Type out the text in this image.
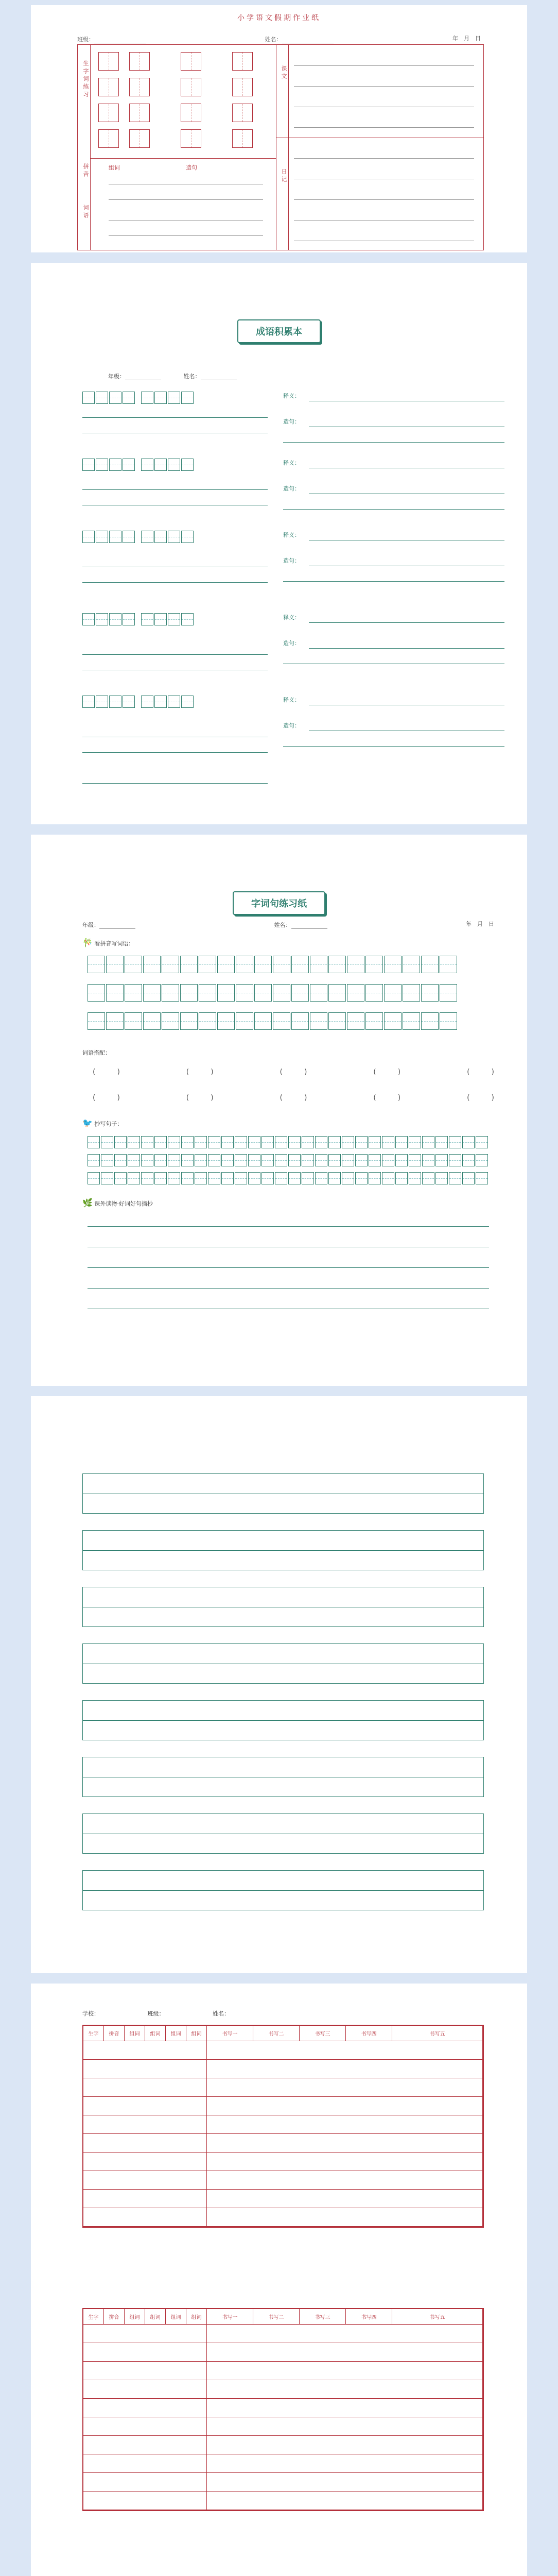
小学语文假期作业纸
班级：	姓名：	年　月　日
生字词练习
拼音
词语
课文
日记
组词	造句
成语积累本
年级：	姓名：
释义：
造句：
释义：
造句：
释义：
造句：
释义：
造句：
释义：
造句：
字词句练习纸
年级：	姓名：	年　月　日
🎋 看拼音写词语：
词语搭配：
(　　　)	(　　　)	(　　　)	(　　　)	(　　　)
(　　　)	(　　　)	(　　　)	(　　　)	(　　　)
🐦 抄写句子：
🌿 课外读物·好词好句摘抄
学校：　　　　　　　　　班级：　　　　　　　　　姓名：
生字	拼音	组词	组词	组词	组词	书写一	书写二	书写三	书写四	书写五
生字	拼音	组词	组词	组词	组词	书写一	书写二	书写三	书写四	书写五
